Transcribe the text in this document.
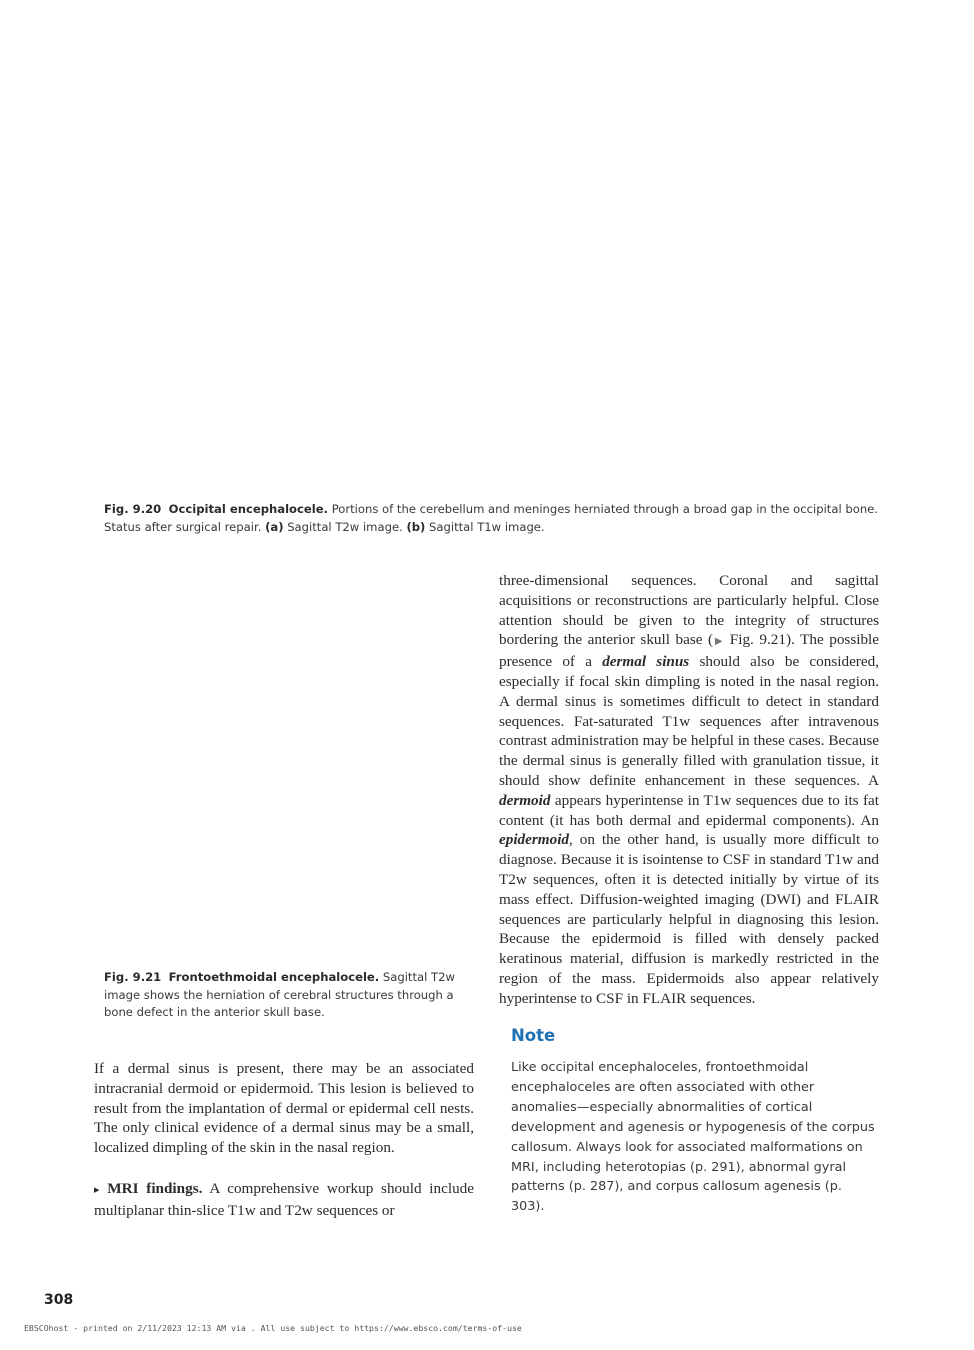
Fig. 9.20 Occipital encephalocele. Portions of the cerebellum and meninges herniated through a broad gap in the occipital bone. Status after surgical repair. (a) Sagittal T2w image. (b) Sagittal T1w image.
Fig. 9.21 Frontoethmoidal encephalocele. Sagittal T2w image shows the herniation of cerebral structures through a bone defect in the anterior skull base.
three-dimensional sequences. Coronal and sagittal acquisitions or reconstructions are particularly helpful. Close attention should be given to the integrity of structures bordering the anterior skull base (▶ Fig. 9.21). The possible presence of a dermal sinus should also be considered, especially if focal skin dimpling is noted in the nasal region. A dermal sinus is sometimes difficult to detect in standard sequences. Fat-saturated T1w sequences after intravenous contrast administration may be helpful in these cases. Because the dermal sinus is generally filled with granulation tissue, it should show definite enhancement in these sequences. A dermoid appears hyperintense in T1w sequences due to its fat content (it has both dermal and epidermal components). An epidermoid, on the other hand, is usually more difficult to diagnose. Because it is isointense to CSF in standard T1w and T2w sequences, often it is detected initially by virtue of its mass effect. Diffusion-weighted imaging (DWI) and FLAIR sequences are particularly helpful in diagnosing this lesion. Because the epidermoid is filled with densely packed keratinous material, diffusion is markedly restricted in the region of the mass. Epidermoids also appear relatively hyperintense to CSF in FLAIR sequences.
If a dermal sinus is present, there may be an associated intracranial dermoid or epidermoid. This lesion is believed to result from the implantation of dermal or epidermal cell nests. The only clinical evidence of a dermal sinus may be a small, localized dimpling of the skin in the nasal region.
▸ MRI findings. A comprehensive workup should include multiplanar thin-slice T1w and T2w sequences or
Note
Like occipital encephaloceles, frontoethmoidal encephaloceles are often associated with other anomalies—especially abnormalities of cortical development and agenesis or hypogenesis of the corpus callosum. Always look for associated malformations on MRI, including heterotopias (p. 291), abnormal gyral patterns (p. 287), and corpus callosum agenesis (p. 303).
308
EBSCOhost - printed on 2/11/2023 12:13 AM via . All use subject to https://www.ebsco.com/terms-of-use
